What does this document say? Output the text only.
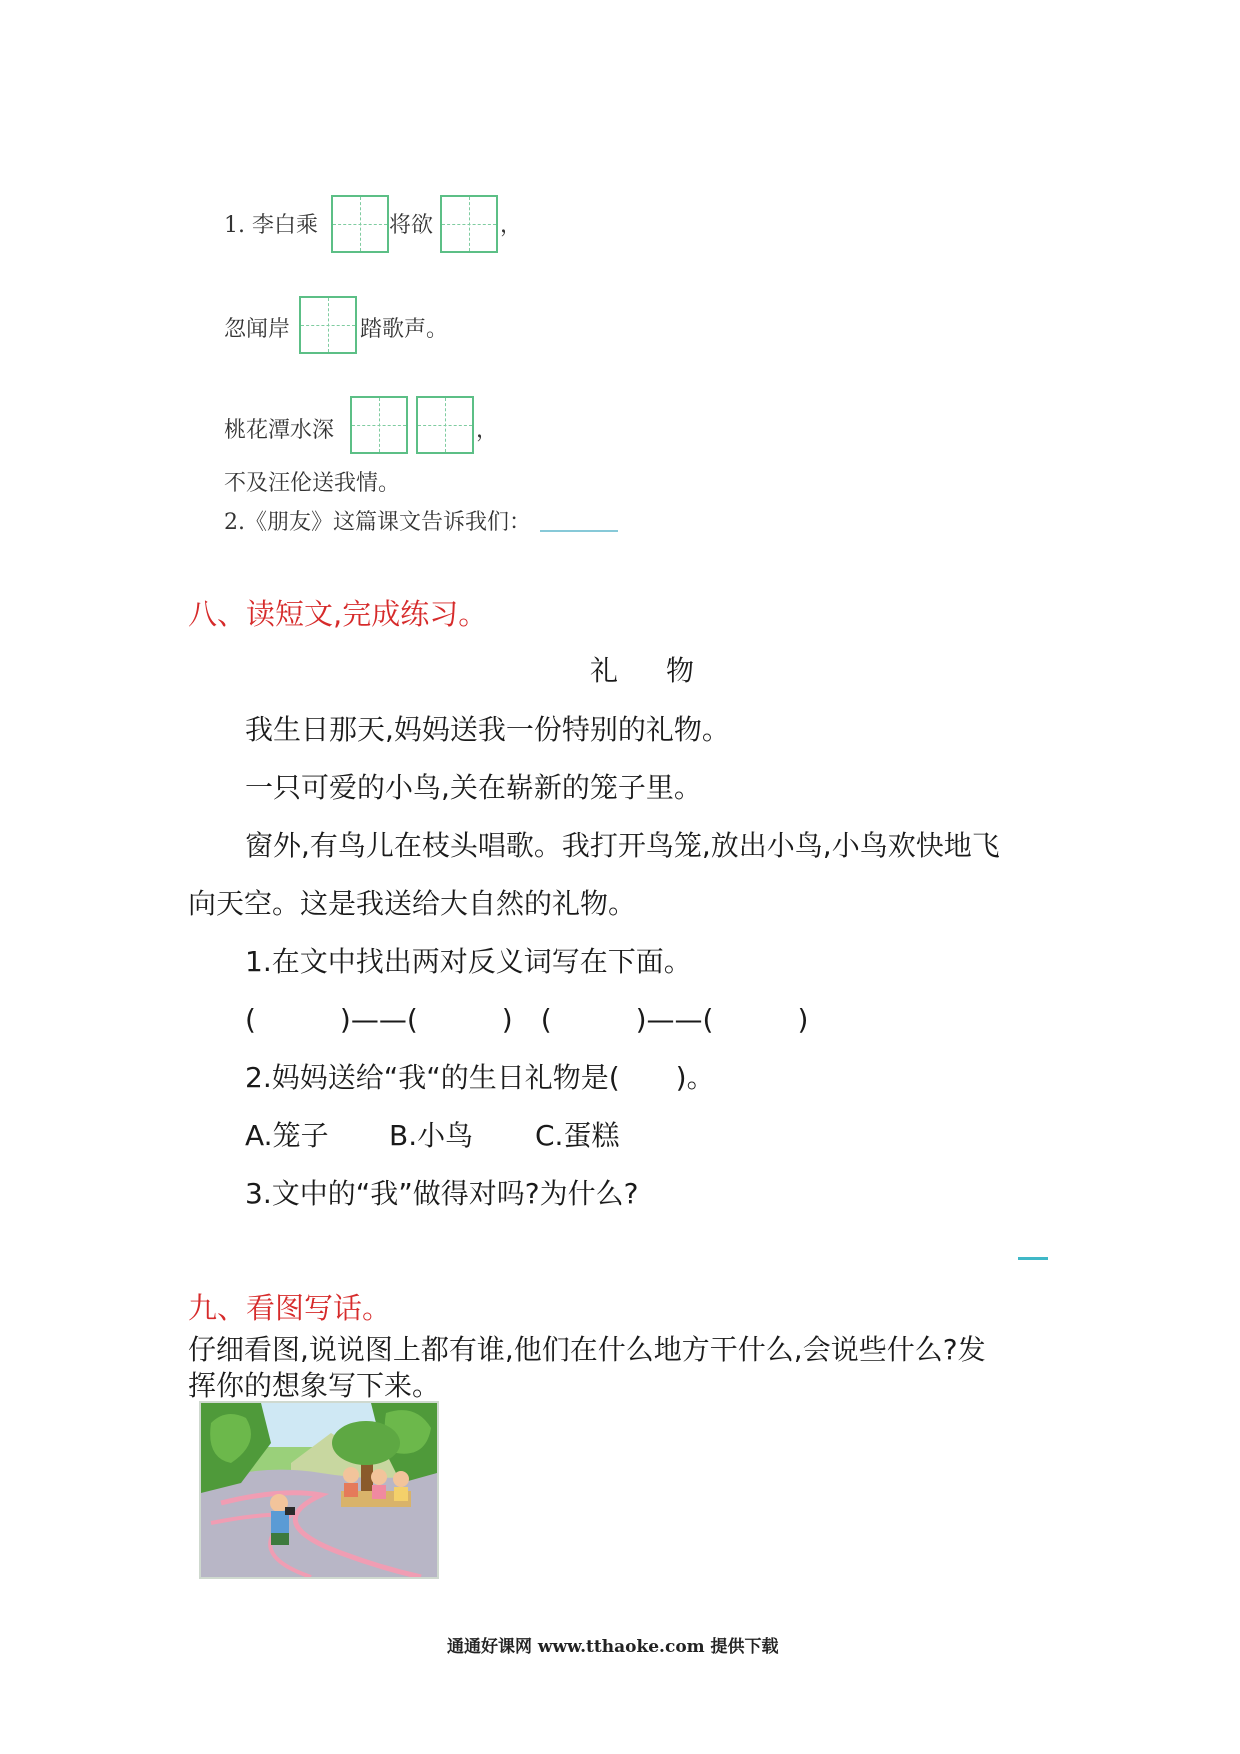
1. 李白乘	将欲	，
忽闻岸	踏歌声。
桃花潭水深	，
不及汪伦送我情。
2.《朋友》这篇课文告诉我们：
八、读短文,完成练习。
礼物
我生日那天,妈妈送我一份特别的礼物。
一只可爱的小鸟,关在崭新的笼子里。
窗外,有鸟儿在枝头唱歌。我打开鸟笼,放出小鸟,小鸟欢快地飞
向天空。这是我送给大自然的礼物。
1.在文中找出两对反义词写在下面。
(　　　)——(　　　)　(　　　)——(　　　)
2.妈妈送给“我“的生日礼物是(　　)。
A.笼子 B.小鸟 C.蛋糕
3.文中的“我”做得对吗?为什么?
九、看图写话。
仔细看图,说说图上都有谁,他们在什么地方干什么,会说些什么?发
挥你的想象写下来。
通通好课网 www.tthaoke.com 提供下载
